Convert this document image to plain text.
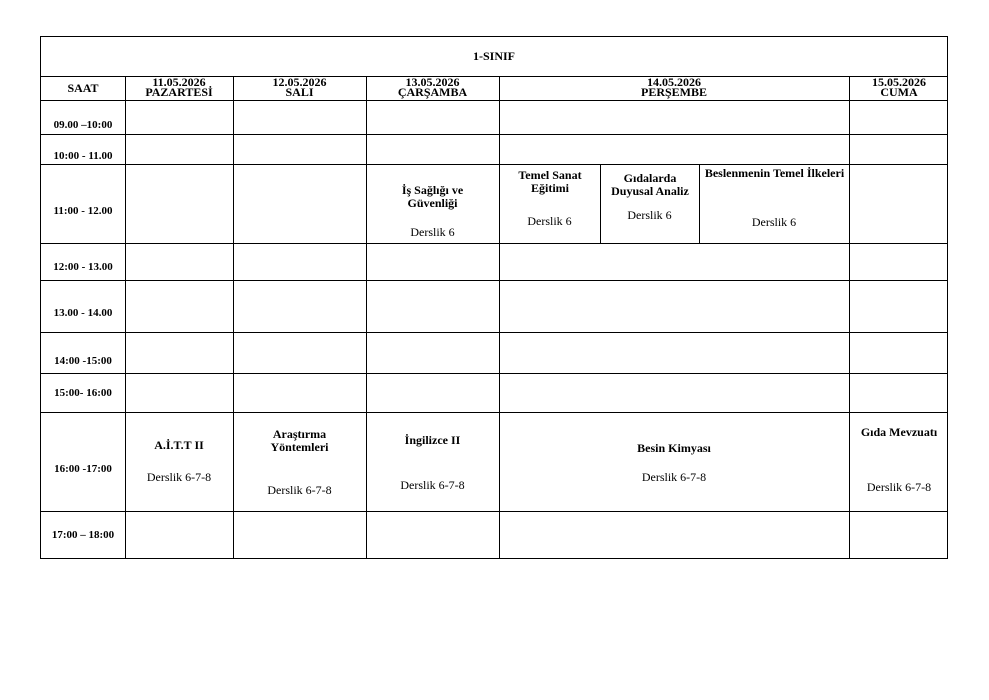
1-SINIF
SAAT	11.05.2026
PAZARTESİ
12.05.2026
SALI
13.05.2026
ÇARŞAMBA
14.05.2026
PERŞEMBE
15.05.2026
CUMA
09.00 –10:00
10:00 - 11.00
11:00 - 12.00
12:00 - 13.00
13.00 - 14.00
14:00 -15:00
15:00- 16:00
16:00 -17:00
17:00 – 18:00
İş Sağlığı ve Güvenliği
Derslik 6
Temel Sanat Eğitimi
Derslik 6
Gıdalarda Duyusal Analiz
Derslik 6
Beslenmenin Temel İlkeleri
Derslik 6
A.İ.T.T II
Derslik 6-7-8
Araştırma Yöntemleri
Derslik 6-7-8
İngilizce II
Derslik 6-7-8
Besin Kimyası
Derslik 6-7-8
Gıda Mevzuatı
Derslik 6-7-8
